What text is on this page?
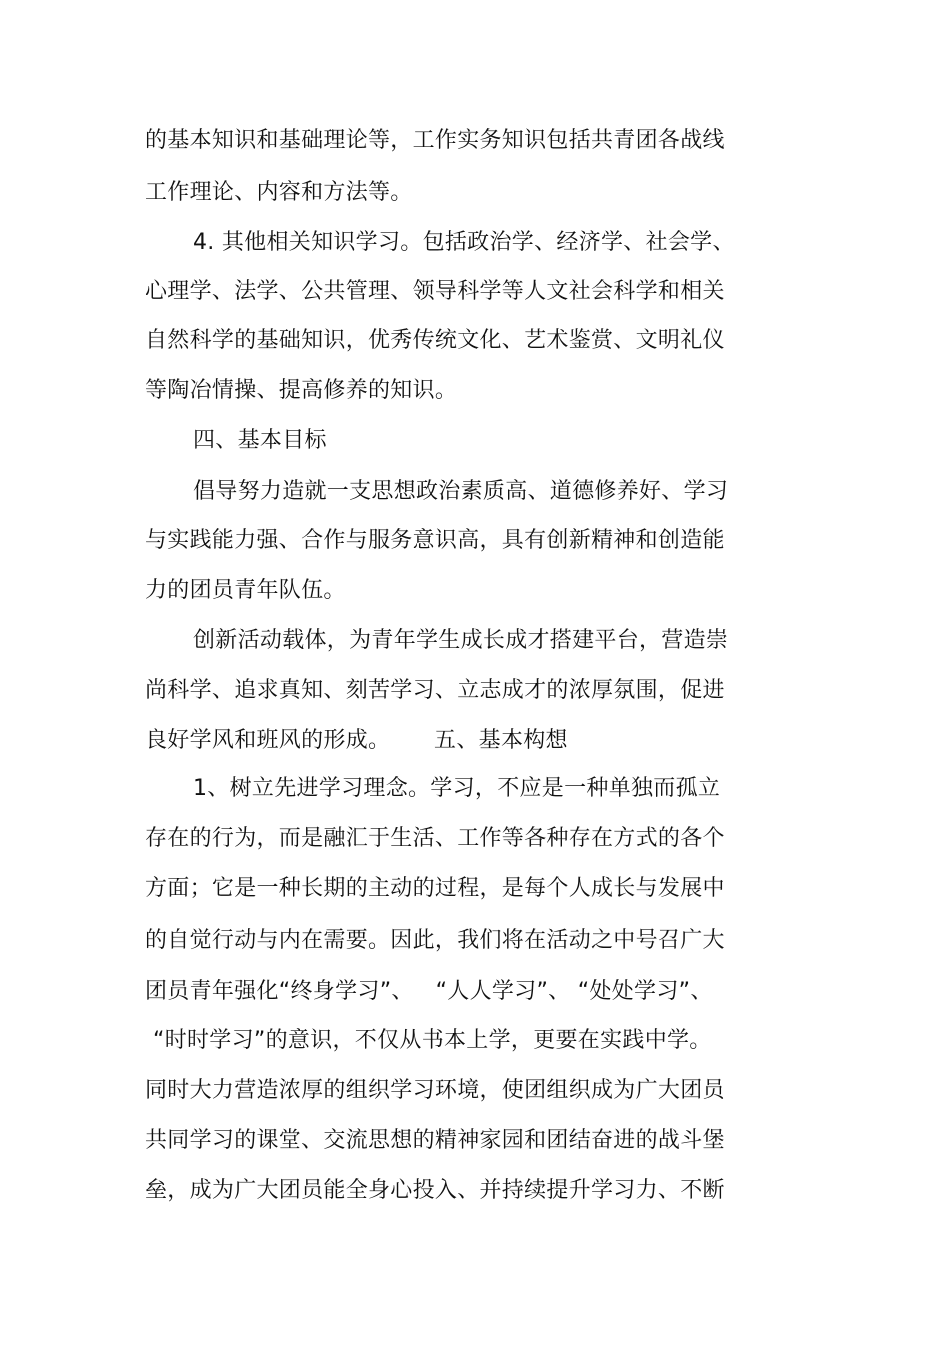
的基本知识和基础理论等，工作实务知识包括共青团各战线
工作理论、内容和方法等。
4. 其他相关知识学习。包括政治学、经济学、社会学、
心理学、法学、公共管理、领导科学等人文社会科学和相关
自然科学的基础知识，优秀传统文化、艺术鉴赏、文明礼仪
等陶冶情操、提高修养的知识。
四、基本目标
倡导努力造就一支思想政治素质高、道德修养好、学习
与实践能力强、合作与服务意识高，具有创新精神和创造能
力的团员青年队伍。
创新活动载体，为青年学生成长成才搭建平台，营造崇
尚科学、追求真知、刻苦学习、立志成才的浓厚氛围，促进
良好学风和班风的形成。      五、基本构想
1、树立先进学习理念。学习，不应是一种单独而孤立
存在的行为，而是融汇于生活、工作等各种存在方式的各个
方面；它是一种长期的主动的过程，是每个人成长与发展中
的自觉行动与内在需要。因此，我们将在活动之中号召广大
团员青年强化“终身学习”、   “人人学习”、 “处处学习”、
“时时学习”的意识，不仅从书本上学，更要在实践中学。
同时大力营造浓厚的组织学习环境，使团组织成为广大团员
共同学习的课堂、交流思想的精神家园和团结奋进的战斗堡
垒，成为广大团员能全身心投入、并持续提升学习力、不断
